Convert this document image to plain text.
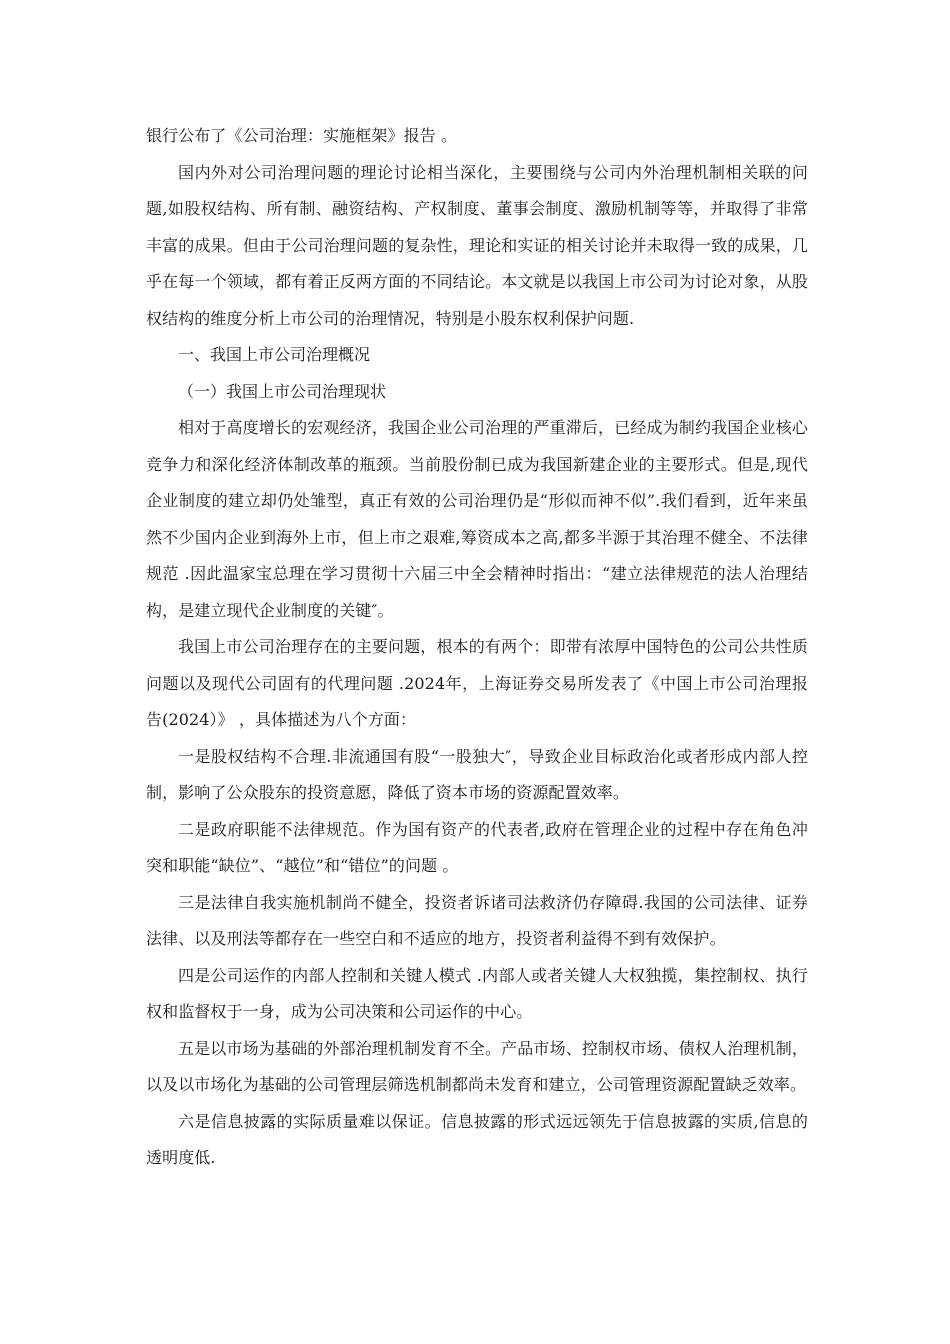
银行公布了《公司治理：实施框架》报告 。

国内外对公司治理问题的理论讨论相当深化，主要围绕与公司内外治理机制相关联的问题,如股权结构、所有制、融资结构、产权制度、董事会制度、激励机制等等，并取得了非常丰富的成果。但由于公司治理问题的复杂性，理论和实证的相关讨论并未取得一致的成果，几乎在每一个领域，都有着正反两方面的不同结论。本文就是以我国上市公司为讨论对象，从股权结构的维度分析上市公司的治理情况，特别是小股东权利保护问题.

一、我国上市公司治理概况

（一）我国上市公司治理现状

相对于高度增长的宏观经济，我国企业公司治理的严重滞后，已经成为制约我国企业核心竞争力和深化经济体制改革的瓶颈。当前股份制已成为我国新建企业的主要形式。但是,现代企业制度的建立却仍处雏型，真正有效的公司治理仍是“形似而神不似”.我们看到，近年来虽然不少国内企业到海外上市，但上市之艰难,筹资成本之高,都多半源于其治理不健全、不法律规范 .因此温家宝总理在学习贯彻十六届三中全会精神时指出：“建立法律规范的法人治理结构，是建立现代企业制度的关键″。

我国上市公司治理存在的主要问题，根本的有两个：即带有浓厚中国特色的公司公共性质问题以及现代公司固有的代理问题 .2024年，上海证券交易所发表了《中国上市公司治理报告(2024）》 ，具体描述为八个方面：

一是股权结构不合理.非流通国有股“一股独大″，导致企业目标政治化或者形成内部人控制，影响了公众股东的投资意愿，降低了资本市场的资源配置效率。

二是政府职能不法律规范。作为国有资产的代表者,政府在管理企业的过程中存在角色冲突和职能“缺位”、“越位”和“错位”的问题 。

三是法律自我实施机制尚不健全，投资者诉诸司法救济仍存障碍.我国的公司法律、证券法律、以及刑法等都存在一些空白和不适应的地方，投资者利益得不到有效保护。

四是公司运作的内部人控制和关键人模式 .内部人或者关键人大权独揽，集控制权、执行权和监督权于一身，成为公司决策和公司运作的中心。

五是以市场为基础的外部治理机制发育不全。产品市场、控制权市场、债权人治理机制，以及以市场化为基础的公司管理层筛选机制都尚未发育和建立，公司管理资源配置缺乏效率。

六是信息披露的实际质量难以保证。信息披露的形式远远领先于信息披露的实质,信息的透明度低.
